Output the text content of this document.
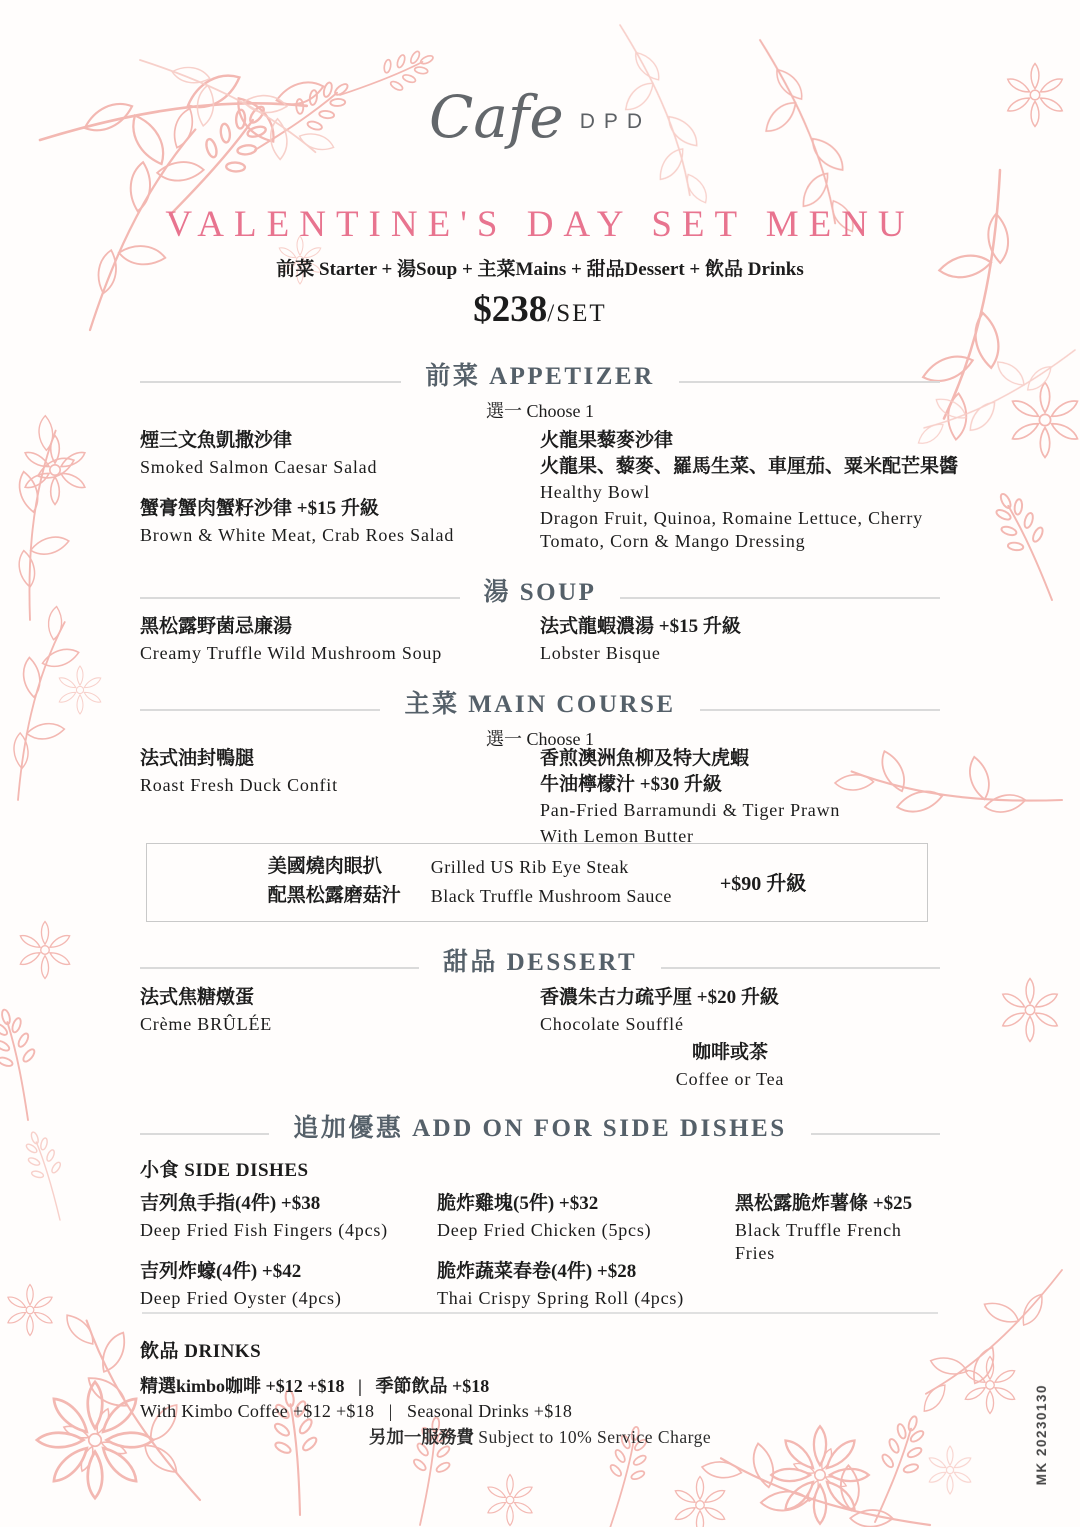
Cafe DPD
VALENTINE'S DAY SET MENU
前菜 Starter + 湯Soup + 主菜Mains + 甜品Dessert + 飲品 Drinks
$238/SET
前菜 APPETIZER
選一 Choose 1
煙三文魚凱撒沙律
Smoked Salmon Caesar Salad
蟹膏蟹肉蟹籽沙律 +$15 升級
Brown & White Meat, Crab Roes Salad
火龍果藜麥沙律
火龍果、藜麥、羅馬生菜、車厘茄、粟米配芒果醬
Healthy Bowl
Dragon Fruit, Quinoa, Romaine Lettuce, Cherry Tomato, Corn & Mango Dressing
湯 SOUP
黑松露野菌忌廉湯
Creamy Truffle Wild Mushroom Soup
法式龍蝦濃湯 +$15 升級
Lobster Bisque
主菜 MAIN COURSE
選一 Choose 1
法式油封鴨腿
Roast Fresh Duck Confit
香煎澳洲魚柳及特大虎蝦
牛油檸檬汁 +$30 升級
Pan-Fried Barramundi & Tiger Prawn
With Lemon Butter
美國燒肉眼扒
配黑松露磨菇汁
Grilled US Rib Eye Steak
Black Truffle Mushroom Sauce
+$90 升級
甜品 DESSERT
法式焦糖燉蛋
Crème BRÛLÉE
香濃朱古力疏乎厘 +$20 升級
Chocolate Soufflé
咖啡或茶
Coffee or Tea
追加優惠 ADD ON FOR SIDE DISHES
小食 SIDE DISHES
吉列魚手指(4件) +$38
Deep Fried Fish Fingers (4pcs)
吉列炸蠔(4件) +$42
Deep Fried Oyster (4pcs)
脆炸雞塊(5件) +$32
Deep Fried Chicken (5pcs)
脆炸蔬菜春卷(4件) +$28
Thai Crispy Spring Roll (4pcs)
黑松露脆炸薯條 +$25
Black Truffle French Fries
飲品 DRINKS
精選kimbo咖啡 +$12 +$18   |   季節飲品 +$18
With Kimbo Coffee +$12 +$18   |   Seasonal Drinks +$18
另加一服務費 Subject to 10% Service Charge	MK 20230130
